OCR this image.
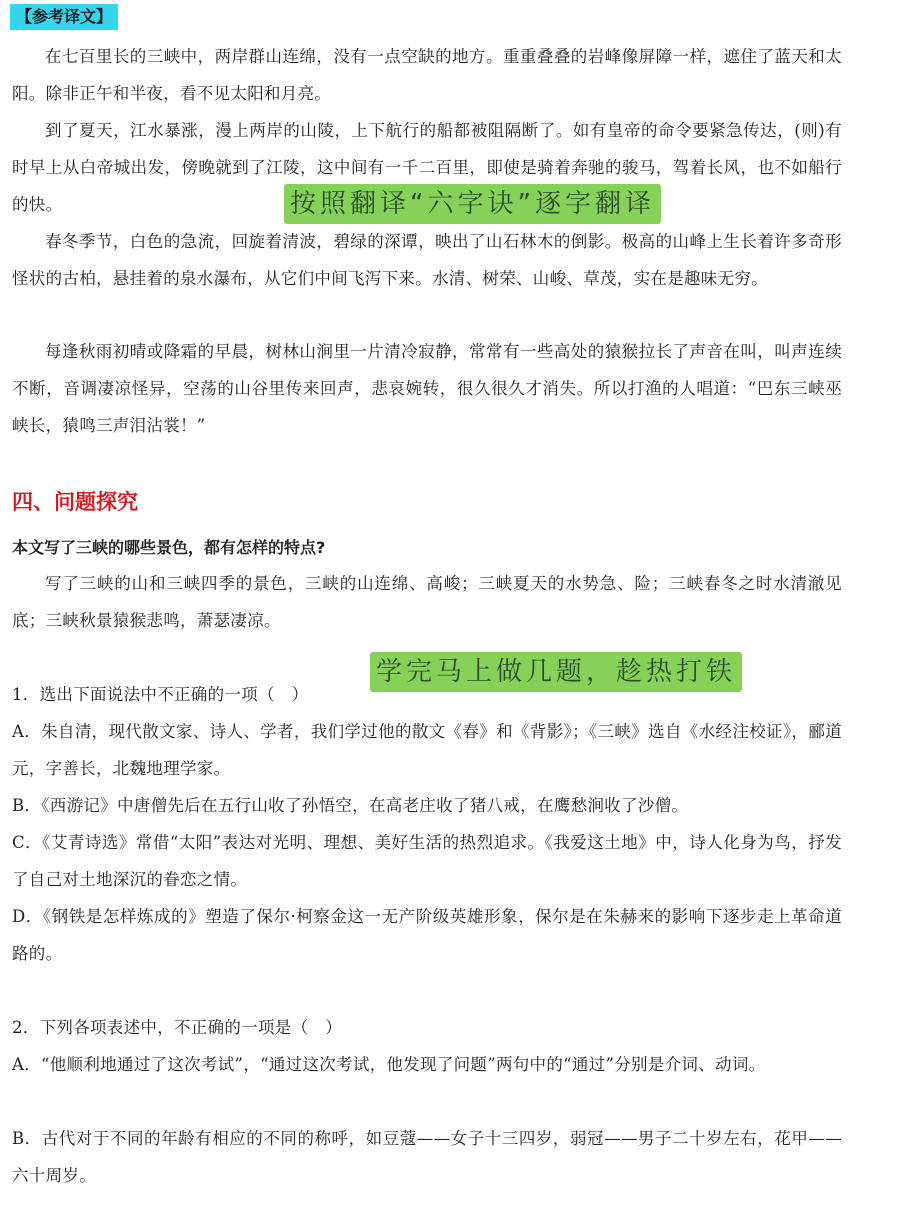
【参考译文】

在七百里长的三峡中，两岸群山连绵，没有一点空缺的地方。重重叠叠的岩峰像屏障一样，遮住了蓝天和太阳。除非正午和半夜，看不见太阳和月亮。

到了夏天，江水暴涨，漫上两岸的山陵，上下航行的船都被阻隔断了。如有皇帝的命令要紧急传达，(则)有时早上从白帝城出发，傍晚就到了江陵，这中间有一千二百里，即使是骑着奔驰的骏马，驾着长风，也不如船行的快。	按照翻译“六字诀”逐字翻译

春冬季节，白色的急流，回旋着清波，碧绿的深谭，映出了山石林木的倒影。极高的山峰上生长着许多奇形怪状的古柏，悬挂着的泉水瀑布，从它们中间飞泻下来。水清、树荣、山峻、草茂，实在是趣味无穷。

每逢秋雨初晴或降霜的早晨，树林山涧里一片清冷寂静，常常有一些高处的猿猴拉长了声音在叫，叫声连续不断，音调凄凉怪异，空荡的山谷里传来回声，悲哀婉转，很久很久才消失。所以打渔的人唱道：“巴东三峡巫峡长，猿鸣三声泪沾裳！”

四、问题探究

本文写了三峡的哪些景色，都有怎样的特点?

写了三峡的山和三峡四季的景色，三峡的山连绵、高峻；三峡夏天的水势急、险；三峡春冬之时水清澈见底；三峡秋景猿猴悲鸣，萧瑟凄凉。

学完马上做几题，趁热打铁

1．选出下面说法中不正确的一项（　）

A．朱自清，现代散文家、诗人、学者，我们学过他的散文《春》和《背影》；《三峡》选自《水经注校证》，郦道元，字善长，北魏地理学家。

B．《西游记》中唐僧先后在五行山收了孙悟空，在高老庄收了猪八戒，在鹰愁涧收了沙僧。

C．《艾青诗选》常借“太阳”表达对光明、理想、美好生活的热烈追求。《我爱这土地》中，诗人化身为鸟，抒发了自己对土地深沉的眷恋之情。

D．《钢铁是怎样炼成的》塑造了保尔·柯察金这一无产阶级英雄形象，保尔是在朱赫来的影响下逐步走上革命道路的。

2．下列各项表述中，不正确的一项是（　）

A．“他顺利地通过了这次考试”，“通过这次考试，他发现了问题”两句中的“通过”分别是介词、动词。

B．古代对于不同的年龄有相应的不同的称呼，如豆蔻——女子十三四岁，弱冠——男子二十岁左右，花甲——六十周岁。
